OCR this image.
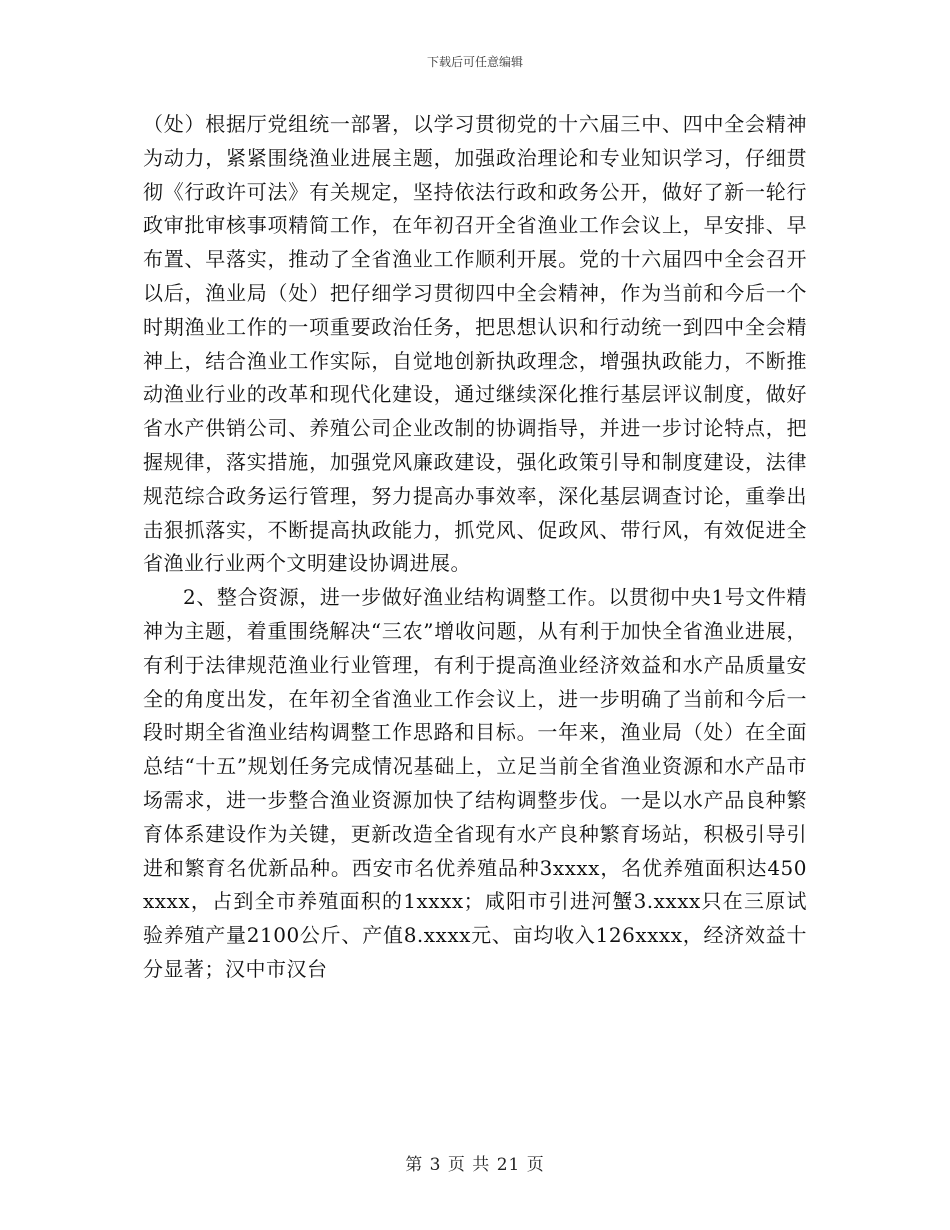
下载后可任意编辑

（处）根据厅党组统一部署，以学习贯彻党的十六届三中、四中全会精神为动力，紧紧围绕渔业进展主题，加强政治理论和专业知识学习，仔细贯彻《行政许可法》有关规定，坚持依法行政和政务公开，做好了新一轮行政审批审核事项精简工作，在年初召开全省渔业工作会议上，早安排、早布置、早落实，推动了全省渔业工作顺利开展。党的十六届四中全会召开以后，渔业局（处）把仔细学习贯彻四中全会精神，作为当前和今后一个时期渔业工作的一项重要政治任务，把思想认识和行动统一到四中全会精神上，结合渔业工作实际，自觉地创新执政理念，增强执政能力，不断推动渔业行业的改革和现代化建设，通过继续深化推行基层评议制度，做好省水产供销公司、养殖公司企业改制的协调指导，并进一步讨论特点，把握规律，落实措施，加强党风廉政建设，强化政策引导和制度建设，法律规范综合政务运行管理，努力提高办事效率，深化基层调查讨论，重拳出击狠抓落实，不断提高执政能力，抓党风、促政风、带行风，有效促进全省渔业行业两个文明建设协调进展。

2、整合资源，进一步做好渔业结构调整工作。以贯彻中央1号文件精神为主题，着重围绕解决“三农”增收问题，从有利于加快全省渔业进展，有利于法律规范渔业行业管理，有利于提高渔业经济效益和水产品质量安全的角度出发，在年初全省渔业工作会议上，进一步明确了当前和今后一段时期全省渔业结构调整工作思路和目标。一年来，渔业局（处）在全面总结“十五”规划任务完成情况基础上，立足当前全省渔业资源和水产品市场需求，进一步整合渔业资源加快了结构调整步伐。一是以水产品良种繁育体系建设作为关键，更新改造全省现有水产良种繁育场站，积极引导引进和繁育名优新品种。西安市名优养殖品种3xxxx，名优养殖面积达450xxxx，占到全市养殖面积的1xxxx；咸阳市引进河蟹3.xxxx只在三原试验养殖产量2100公斤、产值8.xxxx元、亩均收入126xxxx，经济效益十分显著；汉中市汉台

第 3 页 共 21 页
